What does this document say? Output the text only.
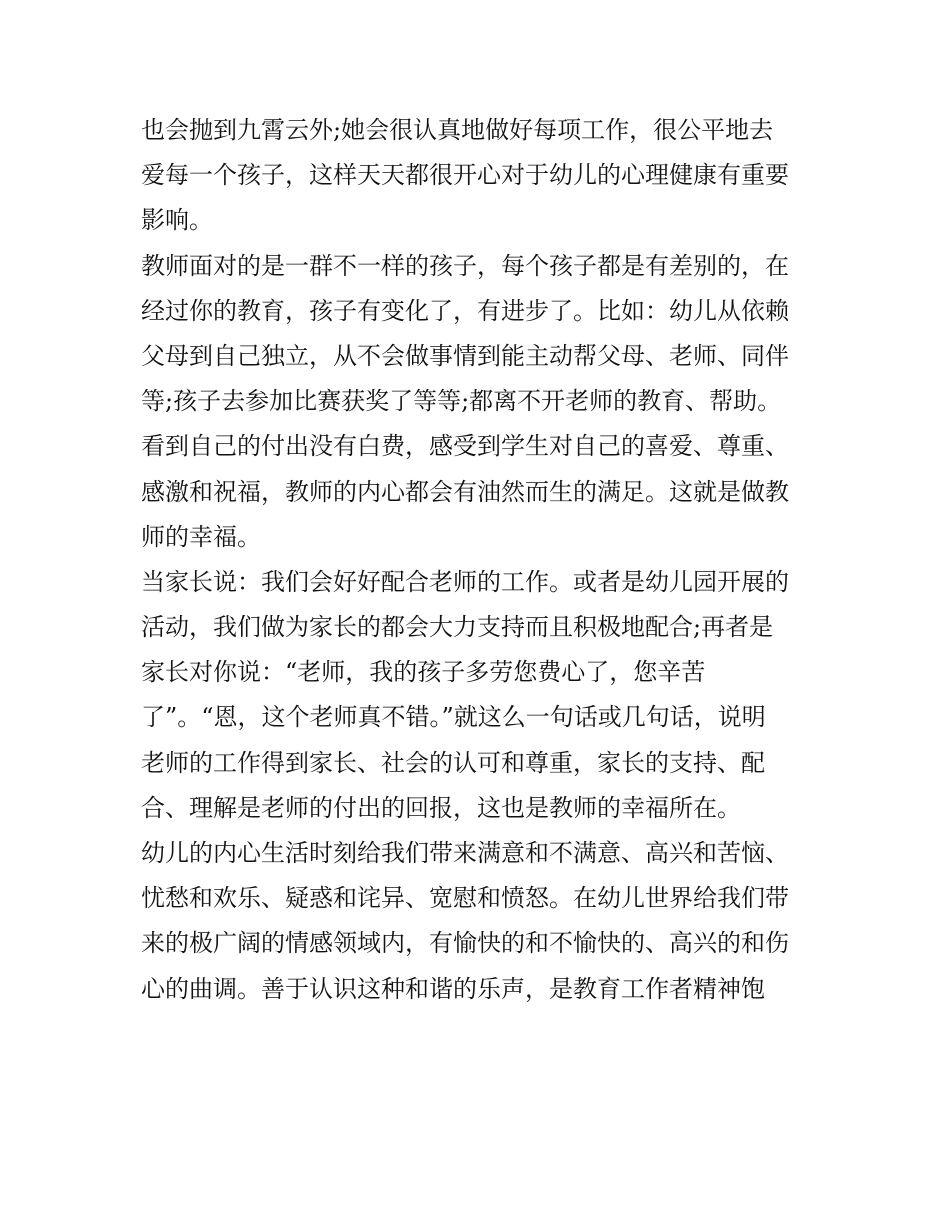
也会抛到九霄云外;她会很认真地做好每项工作，很公平地去

爱每一个孩子，这样天天都很开心对于幼儿的心理健康有重要

影响。

教师面对的是一群不一样的孩子，每个孩子都是有差别的，在

经过你的教育，孩子有变化了，有进步了。比如：幼儿从依赖

父母到自己独立，从不会做事情到能主动帮父母、老师、同伴

等;孩子去参加比赛获奖了等等;都离不开老师的教育、帮助。

看到自己的付出没有白费，感受到学生对自己的喜爱、尊重、

感激和祝福，教师的内心都会有油然而生的满足。这就是做教

师的幸福。

当家长说：我们会好好配合老师的工作。或者是幼儿园开展的

活动，我们做为家长的都会大力支持而且积极地配合;再者是

家长对你说：“老师，我的孩子多劳您费心了，您辛苦

了”。“恩，这个老师真不错。”就这么一句话或几句话，说明

老师的工作得到家长、社会的认可和尊重，家长的支持、配

合、理解是老师的付出的回报，这也是教师的幸福所在。

幼儿的内心生活时刻给我们带来满意和不满意、高兴和苦恼、

忧愁和欢乐、疑惑和诧异、宽慰和愤怒。在幼儿世界给我们带

来的极广阔的情感领域内，有愉快的和不愉快的、高兴的和伤

心的曲调。善于认识这种和谐的乐声，是教育工作者精神饱
